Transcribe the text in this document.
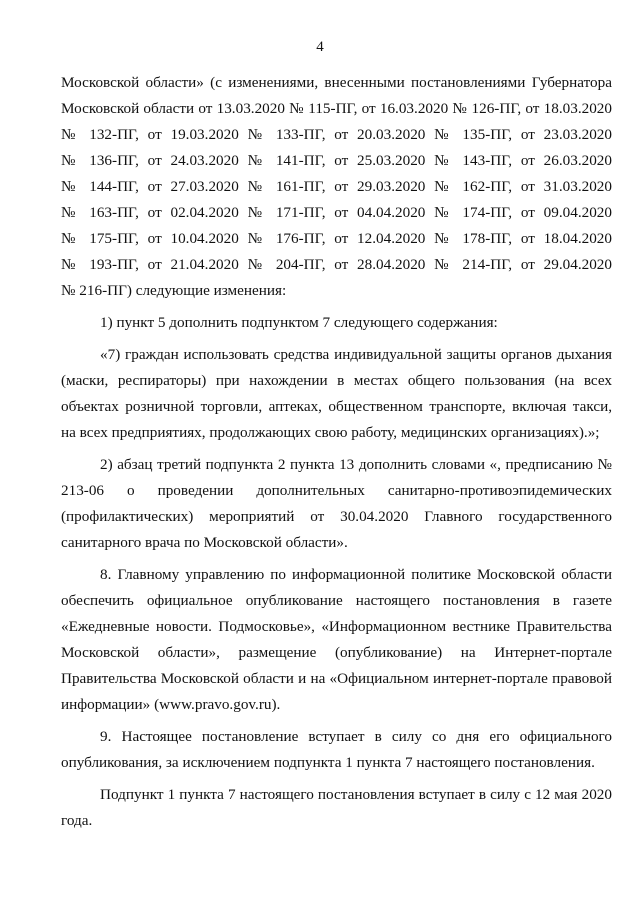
4
Московской области» (с изменениями, внесенными постановлениями Губернатора
Московской области от 13.03.2020 № 115-ПГ, от 16.03.2020 № 126-ПГ, от 18.03.2020
№ 132-ПГ, от 19.03.2020 № 133-ПГ, от 20.03.2020 № 135-ПГ, от 23.03.2020
№ 136-ПГ, от 24.03.2020 № 141-ПГ, от 25.03.2020 № 143-ПГ, от 26.03.2020
№ 144-ПГ, от 27.03.2020 № 161-ПГ, от 29.03.2020 № 162-ПГ, от 31.03.2020
№ 163-ПГ, от 02.04.2020 № 171-ПГ, от 04.04.2020 № 174-ПГ, от 09.04.2020
№ 175-ПГ, от 10.04.2020 № 176-ПГ, от 12.04.2020 № 178-ПГ, от 18.04.2020
№ 193-ПГ, от 21.04.2020 № 204-ПГ, от 28.04.2020 № 214-ПГ, от 29.04.2020
№ 216-ПГ) следующие изменения:

1) пункт 5 дополнить подпунктом 7 следующего содержания:

«7) граждан использовать средства индивидуальной защиты органов дыхания (маски, респираторы) при нахождении в местах общего пользования (на всех объектах розничной торговли, аптеках, общественном транспорте, включая такси, на всех предприятиях, продолжающих свою работу, медицинских организациях).»;

2) абзац третий подпункта 2 пункта 13 дополнить словами «, предписанию № 213-06 о проведении дополнительных санитарно-противоэпидемических (профилактических) мероприятий от 30.04.2020 Главного государственного санитарного врача по Московской области».

8. Главному управлению по информационной политике Московской области обеспечить официальное опубликование настоящего постановления в газете «Ежедневные новости. Подмосковье», «Информационном вестнике Правительства Московской области», размещение (опубликование) на Интернет-портале Правительства Московской области и на «Официальном интернет-портале правовой информации» (www.pravo.gov.ru).

9. Настоящее постановление вступает в силу со дня его официального опубликования, за исключением подпункта 1 пункта 7 настоящего постановления.

Подпункт 1 пункта 7 настоящего постановления вступает в силу с 12 мая 2020 года.
